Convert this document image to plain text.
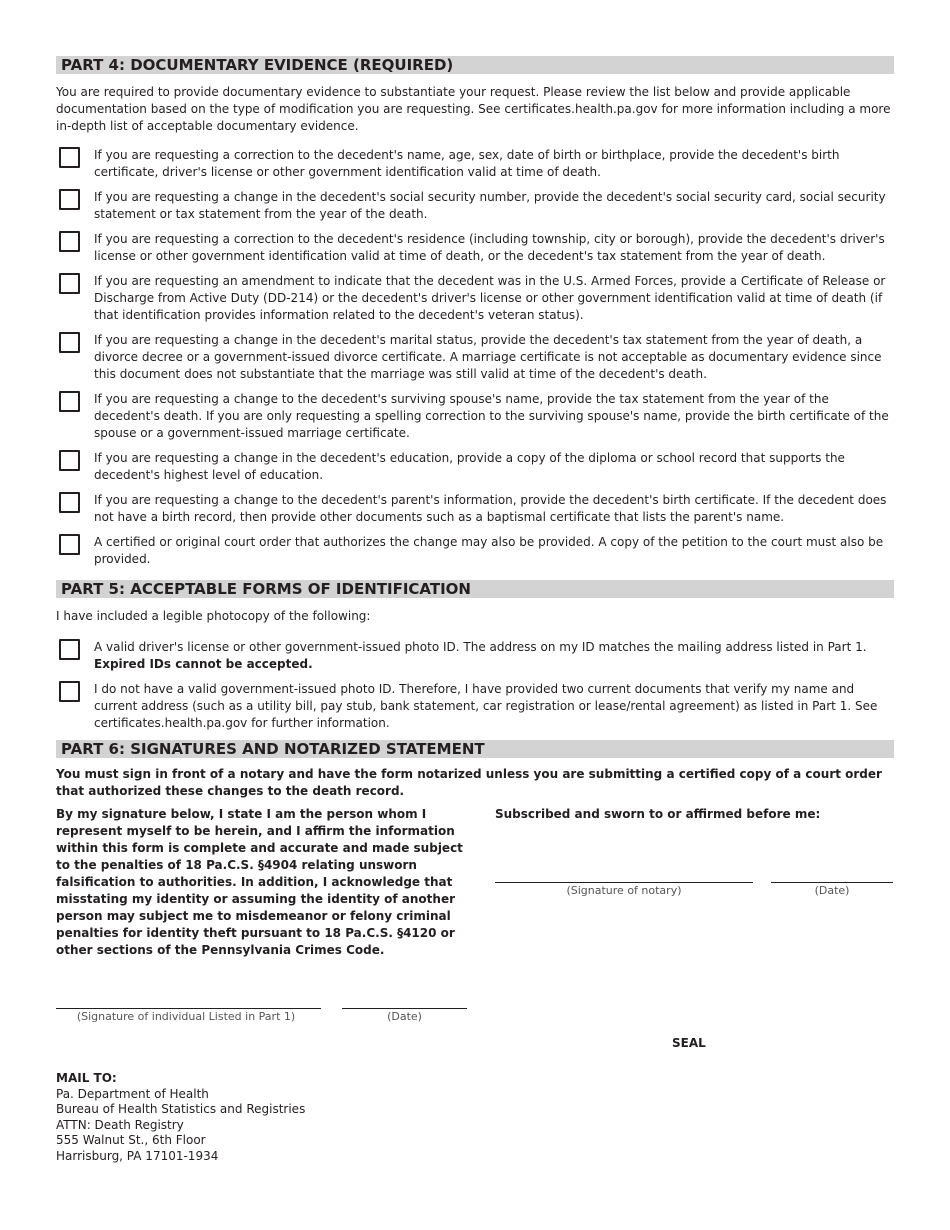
PART 4: DOCUMENTARY EVIDENCE (REQUIRED)

You are required to provide documentary evidence to substantiate your request. Please review the list below and provide applicable documentation based on the type of modification you are requesting. See certificates.health.pa.gov for more information including a more in-depth list of acceptable documentary evidence.

If you are requesting a correction to the decedent's name, age, sex, date of birth or birthplace, provide the decedent's birth certificate, driver's license or other government identification valid at time of death.
If you are requesting a change in the decedent's social security number, provide the decedent's social security card, social security statement or tax statement from the year of the death.
If you are requesting a correction to the decedent's residence (including township, city or borough), provide the decedent's driver's license or other government identification valid at time of death, or the decedent's tax statement from the year of death.
If you are requesting an amendment to indicate that the decedent was in the U.S. Armed Forces, provide a Certificate of Release or Discharge from Active Duty (DD-214) or the decedent's driver's license or other government identification valid at time of death (if that identification provides information related to the decedent's veteran status).
If you are requesting a change in the decedent's marital status, provide the decedent's tax statement from the year of death, a divorce decree or a government-issued divorce certificate. A marriage certificate is not acceptable as documentary evidence since this document does not substantiate that the marriage was still valid at time of the decedent's death.
If you are requesting a change to the decedent's surviving spouse's name, provide the tax statement from the year of the decedent's death. If you are only requesting a spelling correction to the surviving spouse's name, provide the birth certificate of the spouse or a government-issued marriage certificate.
If you are requesting a change in the decedent's education, provide a copy of the diploma or school record that supports the decedent's highest level of education.
If you are requesting a change to the decedent's parent's information, provide the decedent's birth certificate. If the decedent does not have a birth record, then provide other documents such as a baptismal certificate that lists the parent's name.
A certified or original court order that authorizes the change may also be provided. A copy of the petition to the court must also be provided.
PART 5: ACCEPTABLE FORMS OF IDENTIFICATION

I have included a legible photocopy of the following:

A valid driver's license or other government-issued photo ID. The address on my ID matches the mailing address listed in Part 1. Expired IDs cannot be accepted.
I do not have a valid government-issued photo ID. Therefore, I have provided two current documents that verify my name and current address (such as a utility bill, pay stub, bank statement, car registration or lease/rental agreement) as listed in Part 1. See certificates.health.pa.gov for further information.
PART 6: SIGNATURES AND NOTARIZED STATEMENT

You must sign in front of a notary and have the form notarized unless you are submitting a certified copy of a court order that authorized these changes to the death record.

By my signature below, I state I am the person whom I represent myself to be herein, and I affirm the information within this form is complete and accurate and made subject to the penalties of 18 Pa.C.S. §4904 relating unsworn falsification to authorities. In addition, I acknowledge that misstating my identity or assuming the identity of another person may subject me to misdemeanor or felony criminal penalties for identity theft pursuant to 18 Pa.C.S. §4120 or other sections of the Pennsylvania Crimes Code.
Subscribed and sworn to or affirmed before me:
(Signature of notary)	(Date)
(Signature of individual Listed in Part 1)	(Date)
SEAL
MAIL TO:
Pa. Department of Health
Bureau of Health Statistics and Registries
ATTN: Death Registry
555 Walnut St., 6th Floor
Harrisburg, PA 17101-1934
